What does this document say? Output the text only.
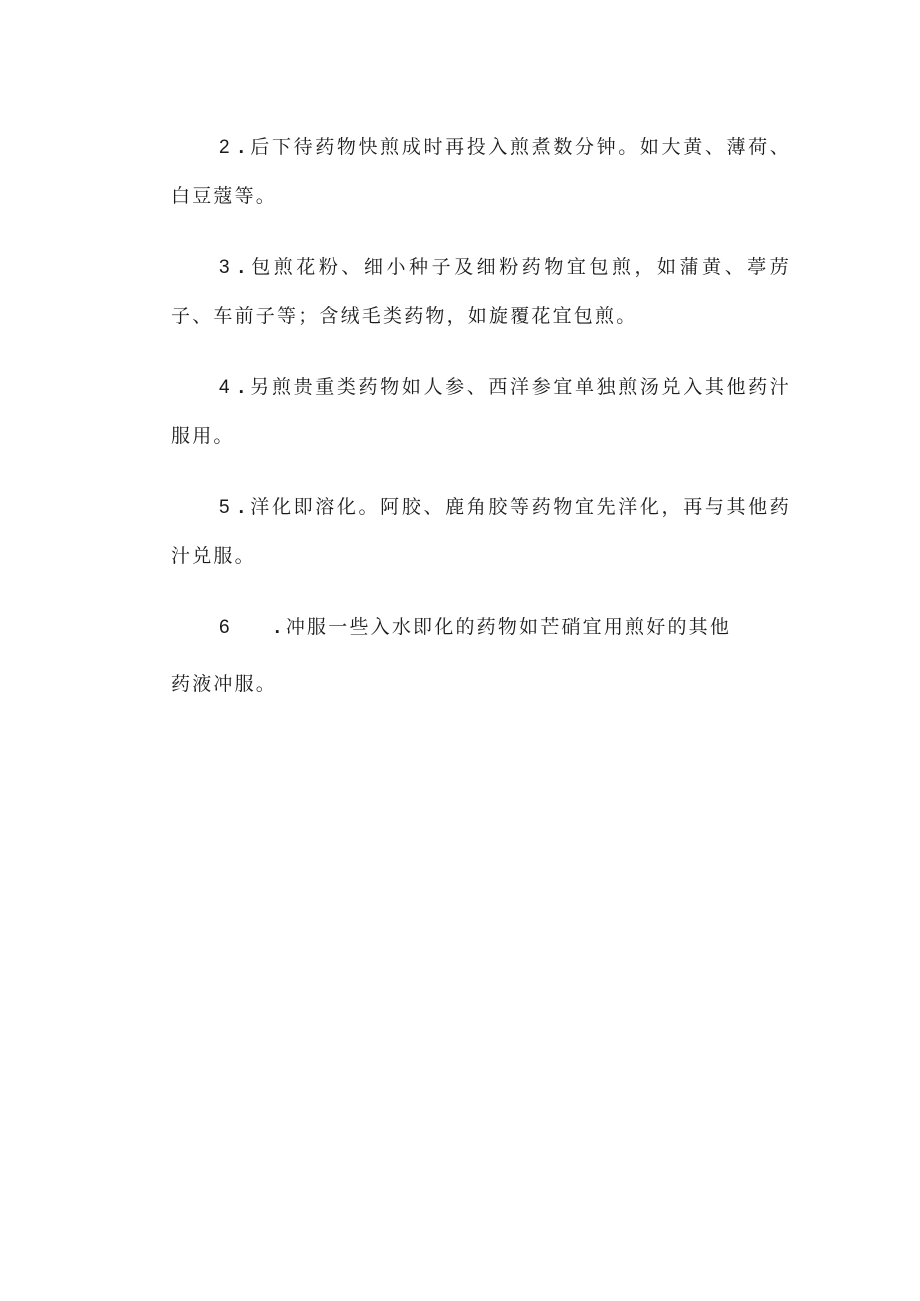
2 . 后下待药物快煎成时再投入煎煮数分钟。如大黄、薄荷、白豆蔻等。

3 . 包煎花粉、细小种子及细粉药物宜包煎，如蒲黄、葶苈子、车前子等；含绒毛类药物，如旋覆花宜包煎。

4 . 另煎贵重类药物如人参、西洋参宜单独煎汤兑入其他药汁服用。

5 . 洋化即溶化。阿胶、鹿角胶等药物宜先洋化，再与其他药汁兑服。

6 . 冲服一些入水即化的药物如芒硝宜用煎好的其他

药液冲服。
